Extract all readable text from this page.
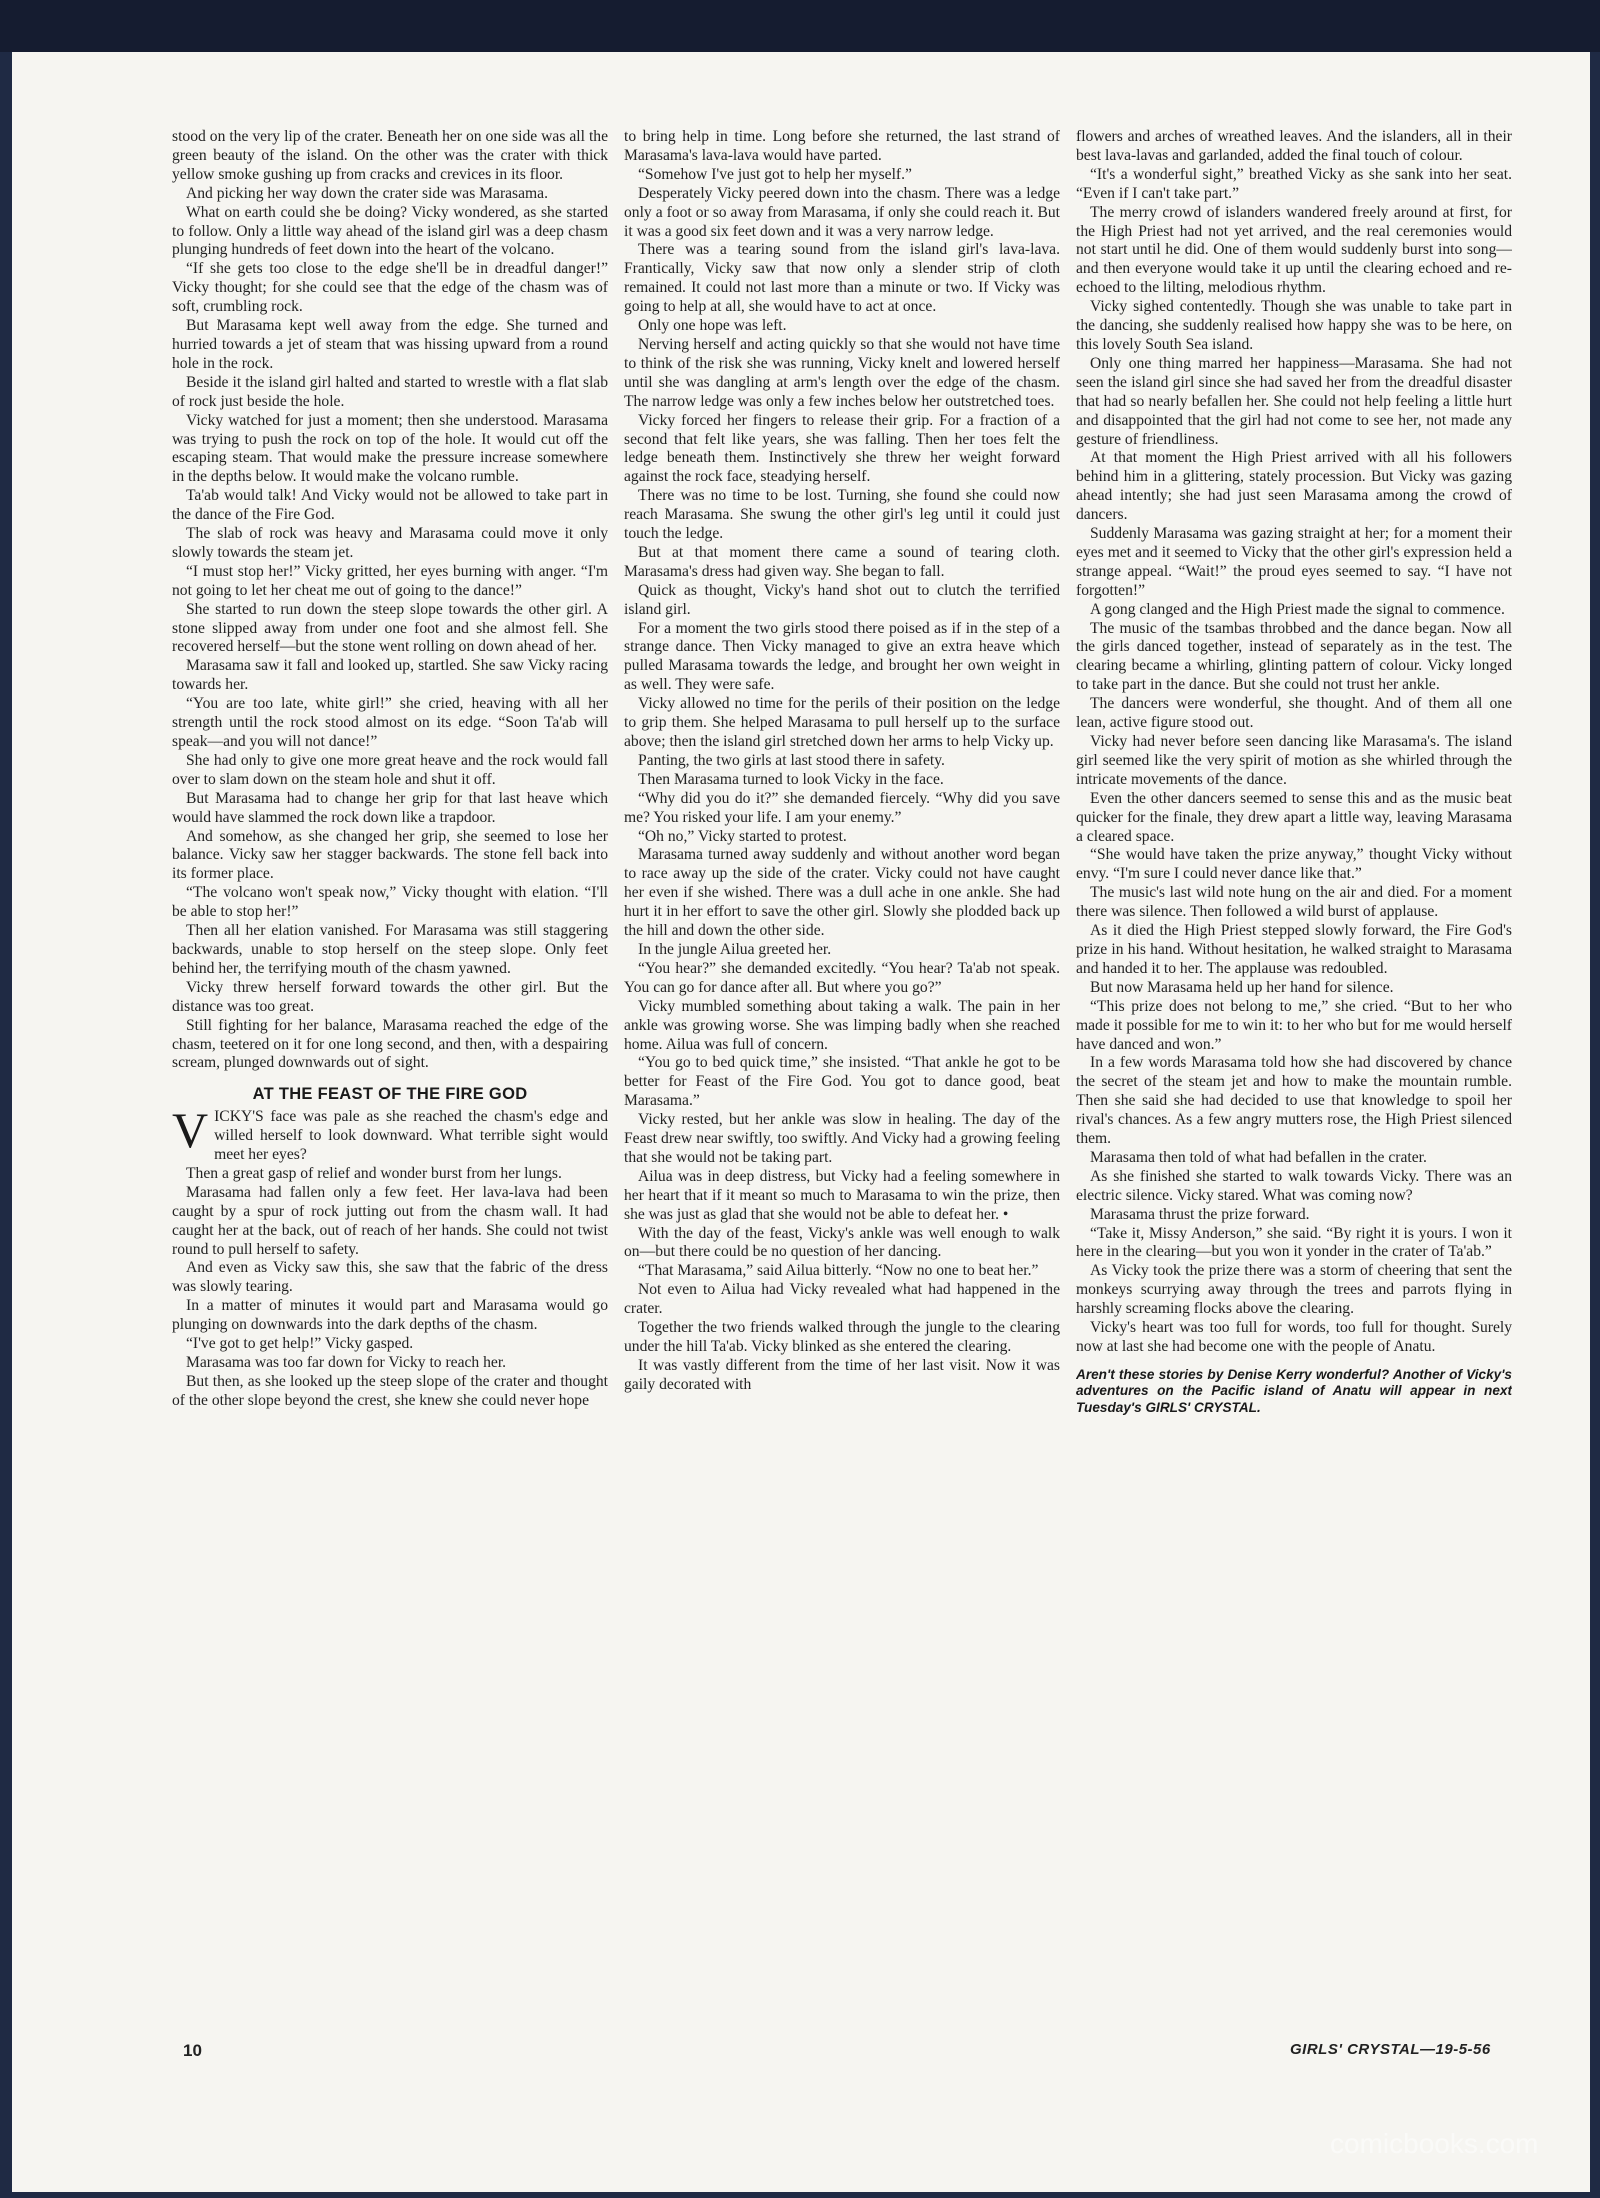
stood on the very lip of the crater. Beneath her on one side was all the green beauty of the island. On the other was the crater with thick yellow smoke gushing up from cracks and crevices in its floor.

And picking her way down the crater side was Marasama.

What on earth could she be doing? Vicky wondered, as she started to follow. Only a little way ahead of the island girl was a deep chasm plunging hundreds of feet down into the heart of the volcano.

“If she gets too close to the edge she'll be in dreadful danger!” Vicky thought; for she could see that the edge of the chasm was of soft, crumbling rock.

But Marasama kept well away from the edge. She turned and hurried towards a jet of steam that was hissing upward from a round hole in the rock.

Beside it the island girl halted and started to wrestle with a flat slab of rock just beside the hole.

Vicky watched for just a moment; then she understood. Marasama was trying to push the rock on top of the hole. It would cut off the escaping steam. That would make the pressure increase somewhere in the depths below. It would make the volcano rumble.

Ta'ab would talk! And Vicky would not be allowed to take part in the dance of the Fire God.

The slab of rock was heavy and Marasama could move it only slowly towards the steam jet.

“I must stop her!” Vicky gritted, her eyes burning with anger. “I'm not going to let her cheat me out of going to the dance!”

She started to run down the steep slope towards the other girl. A stone slipped away from under one foot and she almost fell. She recovered herself—but the stone went rolling on down ahead of her.

Marasama saw it fall and looked up, startled. She saw Vicky racing towards her.

“You are too late, white girl!” she cried, heaving with all her strength until the rock stood almost on its edge. “Soon Ta'ab will speak—and you will not dance!”

She had only to give one more great heave and the rock would fall over to slam down on the steam hole and shut it off.

But Marasama had to change her grip for that last heave which would have slammed the rock down like a trapdoor.

And somehow, as she changed her grip, she seemed to lose her balance. Vicky saw her stagger backwards. The stone fell back into its former place.

“The volcano won't speak now,” Vicky thought with elation. “I'll be able to stop her!”

Then all her elation vanished. For Marasama was still staggering backwards, unable to stop herself on the steep slope. Only feet behind her, the terrifying mouth of the chasm yawned.

Vicky threw herself forward towards the other girl. But the distance was too great.

Still fighting for her balance, Marasama reached the edge of the chasm, teetered on it for one long second, and then, with a despairing scream, plunged downwards out of sight.

AT THE FEAST OF THE FIRE GOD

VICKY'S face was pale as she reached the chasm's edge and willed herself to look downward. What terrible sight would meet her eyes?

Then a great gasp of relief and wonder burst from her lungs.

Marasama had fallen only a few feet. Her lava-lava had been caught by a spur of rock jutting out from the chasm wall. It had caught her at the back, out of reach of her hands. She could not twist round to pull herself to safety.

And even as Vicky saw this, she saw that the fabric of the dress was slowly tearing.

In a matter of minutes it would part and Marasama would go plunging on downwards into the dark depths of the chasm.

“I've got to get help!” Vicky gasped.

Marasama was too far down for Vicky to reach her.

But then, as she looked up the steep slope of the crater and thought of the other slope beyond the crest, she knew she could never hope

to bring help in time. Long before she returned, the last strand of Marasama's lava-lava would have parted.

“Somehow I've just got to help her myself.”

Desperately Vicky peered down into the chasm. There was a ledge only a foot or so away from Marasama, if only she could reach it. But it was a good six feet down and it was a very narrow ledge.

There was a tearing sound from the island girl's lava-lava. Frantically, Vicky saw that now only a slender strip of cloth remained. It could not last more than a minute or two. If Vicky was going to help at all, she would have to act at once.

Only one hope was left.

Nerving herself and acting quickly so that she would not have time to think of the risk she was running, Vicky knelt and lowered herself until she was dangling at arm's length over the edge of the chasm. The narrow ledge was only a few inches below her outstretched toes.

Vicky forced her fingers to release their grip. For a fraction of a second that felt like years, she was falling. Then her toes felt the ledge beneath them. Instinctively she threw her weight forward against the rock face, steadying herself.

There was no time to be lost. Turning, she found she could now reach Marasama. She swung the other girl's leg until it could just touch the ledge.

But at that moment there came a sound of tearing cloth. Marasama's dress had given way. She began to fall.

Quick as thought, Vicky's hand shot out to clutch the terrified island girl.

For a moment the two girls stood there poised as if in the step of a strange dance. Then Vicky managed to give an extra heave which pulled Marasama towards the ledge, and brought her own weight in as well. They were safe.

Vicky allowed no time for the perils of their position on the ledge to grip them. She helped Marasama to pull herself up to the surface above; then the island girl stretched down her arms to help Vicky up.

Panting, the two girls at last stood there in safety.

Then Marasama turned to look Vicky in the face.

“Why did you do it?” she demanded fiercely. “Why did you save me? You risked your life. I am your enemy.”

“Oh no,” Vicky started to protest.

Marasama turned away suddenly and without another word began to race away up the side of the crater. Vicky could not have caught her even if she wished. There was a dull ache in one ankle. She had hurt it in her effort to save the other girl. Slowly she plodded back up the hill and down the other side.

In the jungle Ailua greeted her.

“You hear?” she demanded excitedly. “You hear? Ta'ab not speak. You can go for dance after all. But where you go?”

Vicky mumbled something about taking a walk. The pain in her ankle was growing worse. She was limping badly when she reached home. Ailua was full of concern.

“You go to bed quick time,” she insisted. “That ankle he got to be better for Feast of the Fire God. You got to dance good, beat Marasama.”

Vicky rested, but her ankle was slow in healing. The day of the Feast drew near swiftly, too swiftly. And Vicky had a growing feeling that she would not be taking part.

Ailua was in deep distress, but Vicky had a feeling somewhere in her heart that if it meant so much to Marasama to win the prize, then she was just as glad that she would not be able to defeat her. •

With the day of the feast, Vicky's ankle was well enough to walk on—but there could be no question of her dancing.

“That Marasama,” said Ailua bitterly. “Now no one to beat her.”

Not even to Ailua had Vicky revealed what had happened in the crater.

Together the two friends walked through the jungle to the clearing under the hill Ta'ab. Vicky blinked as she entered the clearing.

It was vastly different from the time of her last visit. Now it was gaily decorated with

flowers and arches of wreathed leaves. And the islanders, all in their best lava-lavas and garlanded, added the final touch of colour.

“It's a wonderful sight,” breathed Vicky as she sank into her seat. “Even if I can't take part.”

The merry crowd of islanders wandered freely around at first, for the High Priest had not yet arrived, and the real ceremonies would not start until he did. One of them would suddenly burst into song—and then everyone would take it up until the clearing echoed and re-echoed to the lilting, melodious rhythm.

Vicky sighed contentedly. Though she was unable to take part in the dancing, she suddenly realised how happy she was to be here, on this lovely South Sea island.

Only one thing marred her happiness—Marasama. She had not seen the island girl since she had saved her from the dreadful disaster that had so nearly befallen her. She could not help feeling a little hurt and disappointed that the girl had not come to see her, not made any gesture of friendliness.

At that moment the High Priest arrived with all his followers behind him in a glittering, stately procession. But Vicky was gazing ahead intently; she had just seen Marasama among the crowd of dancers.

Suddenly Marasama was gazing straight at her; for a moment their eyes met and it seemed to Vicky that the other girl's expression held a strange appeal. “Wait!” the proud eyes seemed to say. “I have not forgotten!”

A gong clanged and the High Priest made the signal to commence.

The music of the tsambas throbbed and the dance began. Now all the girls danced together, instead of separately as in the test. The clearing became a whirling, glinting pattern of colour. Vicky longed to take part in the dance. But she could not trust her ankle.

The dancers were wonderful, she thought. And of them all one lean, active figure stood out.

Vicky had never before seen dancing like Marasama's. The island girl seemed like the very spirit of motion as she whirled through the intricate movements of the dance.

Even the other dancers seemed to sense this and as the music beat quicker for the finale, they drew apart a little way, leaving Marasama a cleared space.

“She would have taken the prize anyway,” thought Vicky without envy. “I'm sure I could never dance like that.”

The music's last wild note hung on the air and died. For a moment there was silence. Then followed a wild burst of applause.

As it died the High Priest stepped slowly forward, the Fire God's prize in his hand. Without hesitation, he walked straight to Marasama and handed it to her. The applause was redoubled.

But now Marasama held up her hand for silence.

“This prize does not belong to me,” she cried. “But to her who made it possible for me to win it: to her who but for me would herself have danced and won.”

In a few words Marasama told how she had discovered by chance the secret of the steam jet and how to make the mountain rumble. Then she said she had decided to use that knowledge to spoil her rival's chances. As a few angry mutters rose, the High Priest silenced them.

Marasama then told of what had befallen in the crater.

As she finished she started to walk towards Vicky. There was an electric silence. Vicky stared. What was coming now?

Marasama thrust the prize forward.

“Take it, Missy Anderson,” she said. “By right it is yours. I won it here in the clearing—but you won it yonder in the crater of Ta'ab.”

As Vicky took the prize there was a storm of cheering that sent the monkeys scurrying away through the trees and parrots flying in harshly screaming flocks above the clearing.

Vicky's heart was too full for words, too full for thought. Surely now at last she had become one with the people of Anatu.

Aren't these stories by Denise Kerry wonderful? Another of Vicky's adventures on the Pacific island of Anatu will appear in next Tuesday's GIRLS' CRYSTAL.
10	GIRLS' CRYSTAL—19-5-56
comicbooks.com
